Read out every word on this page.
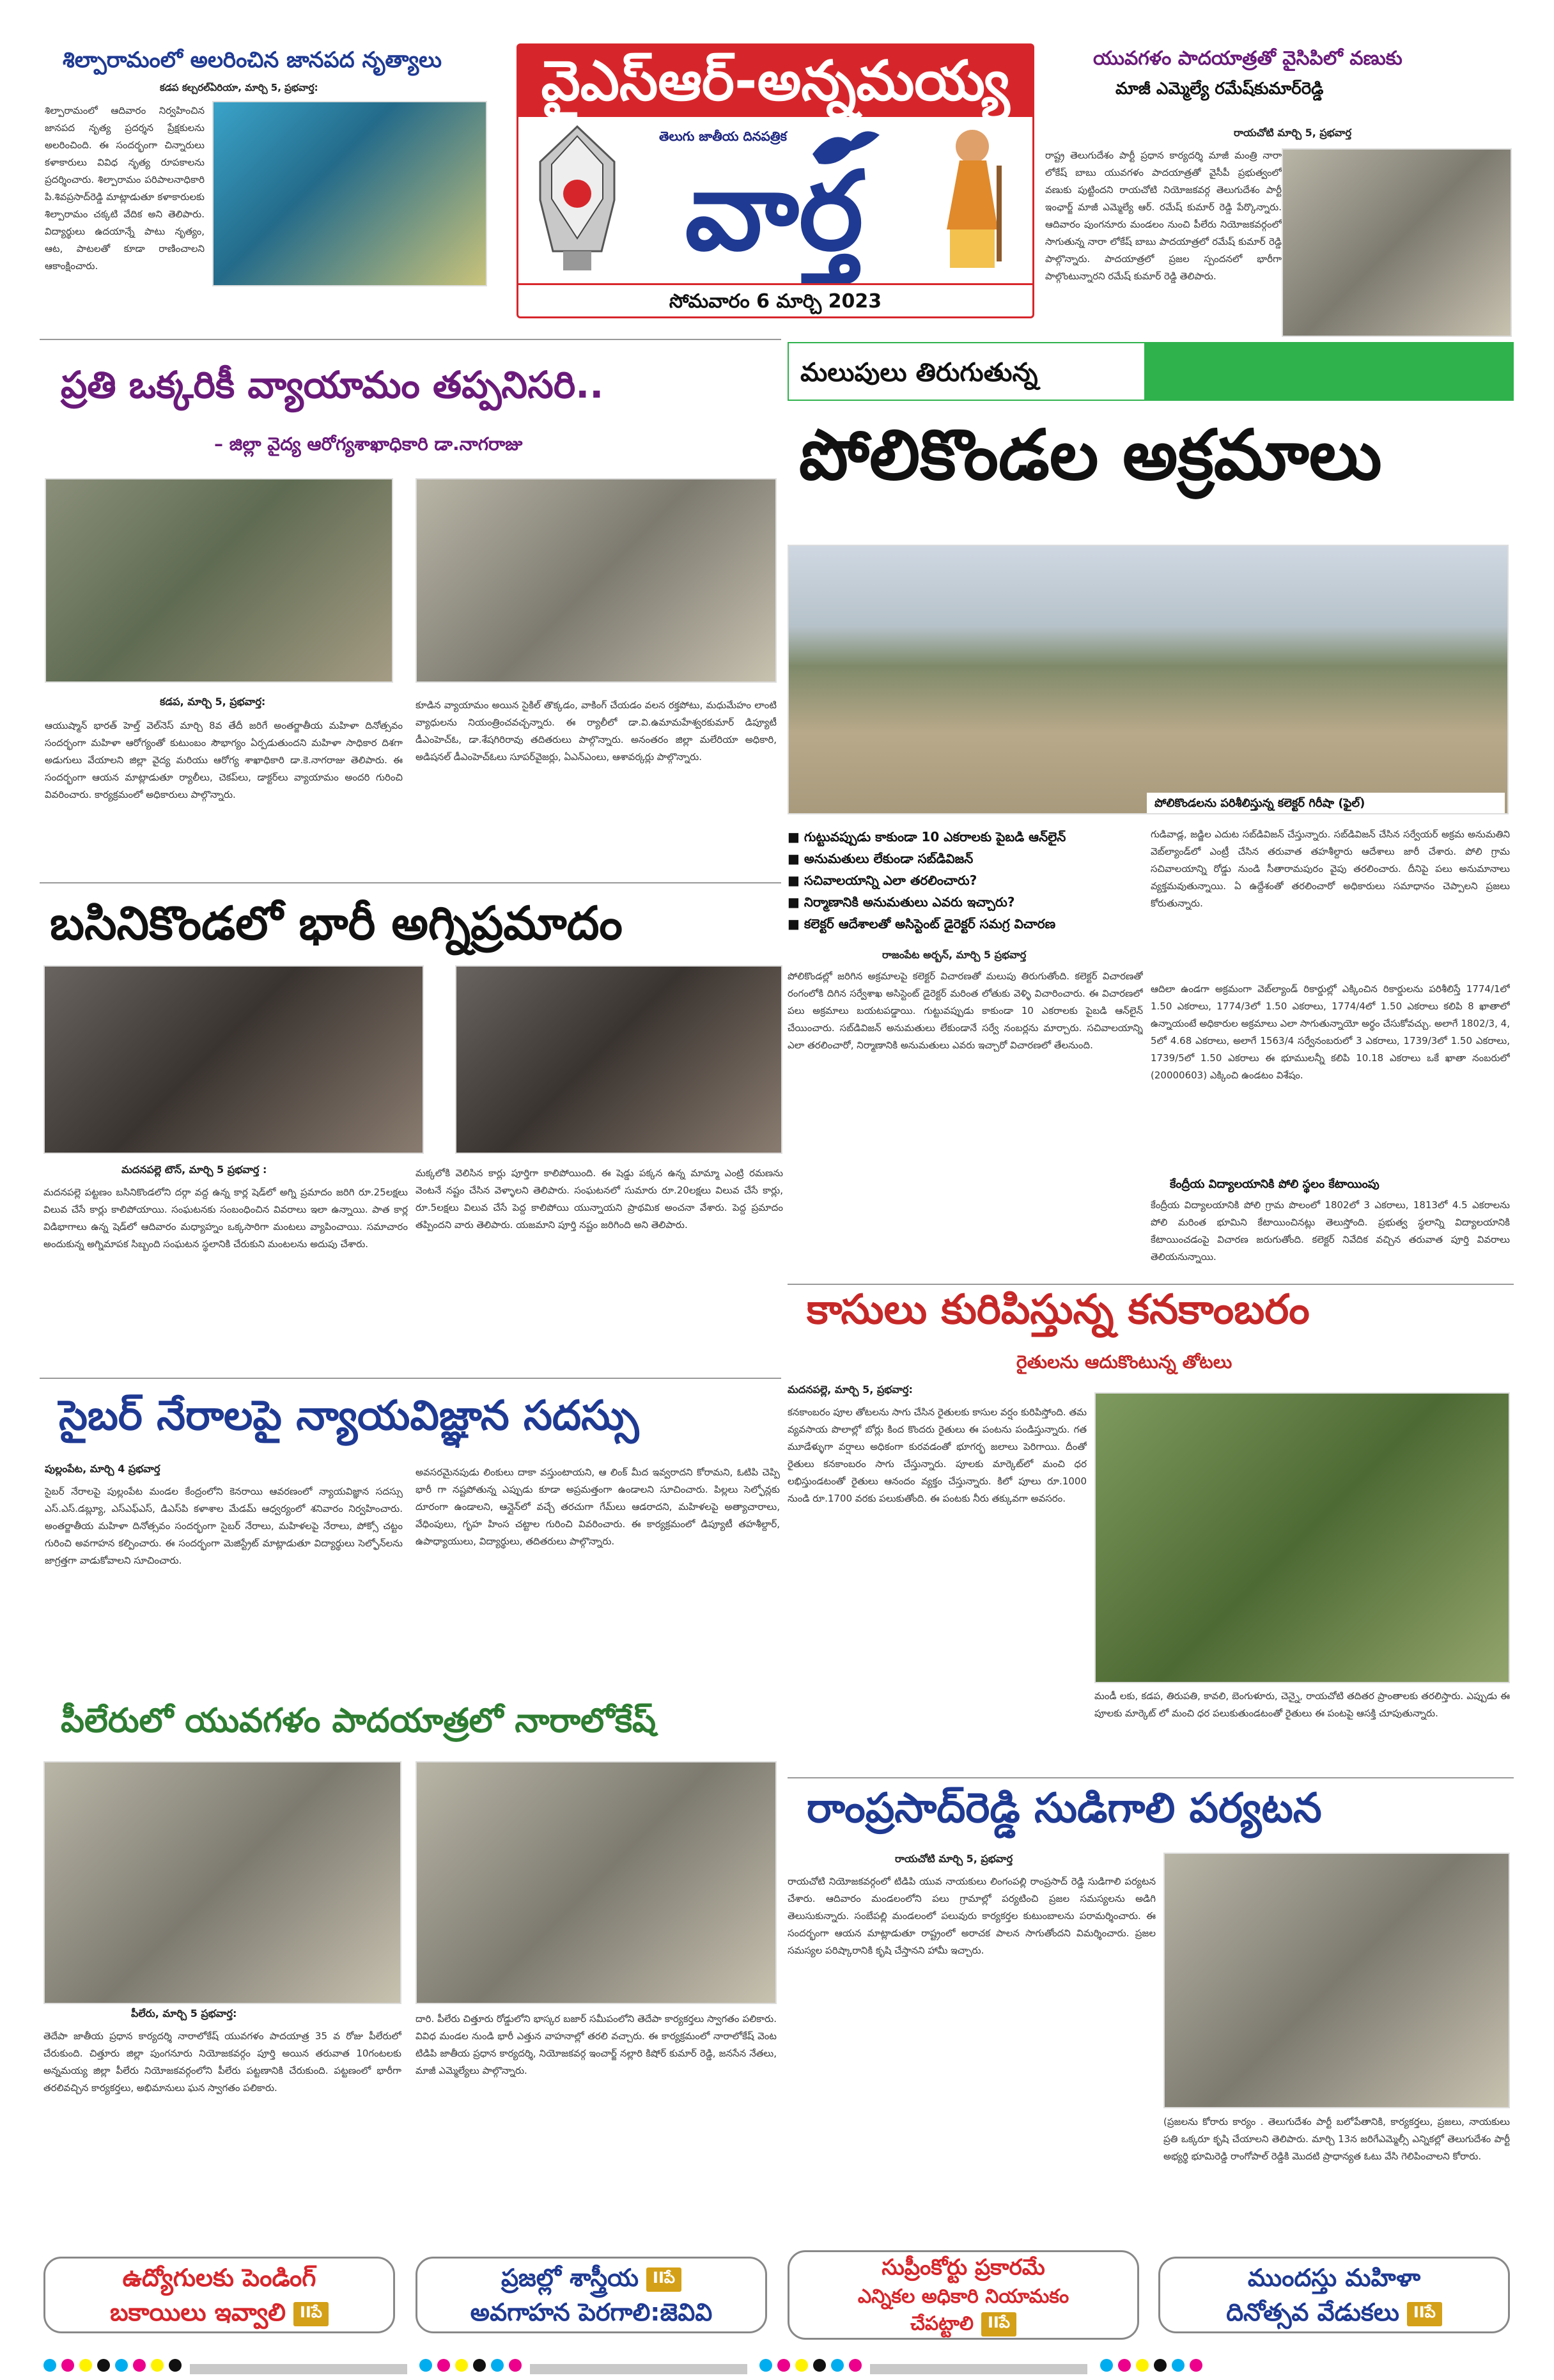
వైఎస్ఆర్-అన్నమయ్య
తెలుగు జాతీయ దినపత్రిక
వార్త
సోమవారం 6 మార్చి 2023
శిల్పారామంలో అలరించిన జానపద నృత్యాలు
కడప కల్చరల్‌ఏరియా, మార్చి 5, ప్రభవార్త:
శిల్పారామంలో ఆదివారం నిర్వహించిన జానపద నృత్య ప్రదర్శన ప్రేక్షకులను అలరించింది. ఈ సందర్భంగా చిన్నారులు కళాకారులు వివిధ నృత్య రూపకాలను ప్రదర్శించారు. శిల్పారామం పరిపాలనాధికారి పి.శివప్రసాద్‌రెడ్డి మాట్లాడుతూ కళాకారులకు శిల్పారామం చక్కటి వేదిక అని తెలిపారు. విద్యార్థులు ఉదయాన్నే పాటు నృత్యం, ఆట, పాటలతో కూడా రాణించాలని ఆకాంక్షించారు.
యువగళం పాదయాత్రతో వైసిపిలో వణుకు
మాజీ ఎమ్మెల్యే రమేష్‌కుమార్‌రెడ్డి
రాయచోటి మార్చి 5, ప్రభవార్త
రాష్ట్ర తెలుగుదేశం పార్టీ ప్రధాన కార్యదర్శి మాజీ మంత్రి నారా లోకేష్ బాబు యువగళం పాదయాత్రతో వైసీపీ ప్రభుత్వంలో వణుకు పుట్టిందని రాయచోటి నియోజకవర్గ తెలుగుదేశం పార్టీ ఇంఛార్జ్ మాజీ ఎమ్మెల్యే ఆర్. రమేష్ కుమార్ రెడ్డి పేర్కొన్నారు. ఆదివారం పుంగనూరు మండలం నుంచి పీలేరు నియోజకవర్గంలో సాగుతున్న నారా లోకేష్ బాబు పాదయాత్రలో రమేష్ కుమార్ రెడ్డి పాల్గొన్నారు. పాదయాత్రలో ప్రజల స్పందనలో భారీగా పాల్గొంటున్నారని రమేష్ కుమార్ రెడ్డి తెలిపారు.
ప్రతి ఒక్కరికీ వ్యాయామం తప్పనిసరి..
– జిల్లా వైద్య ఆరోగ్యశాఖాధికారి డా.నాగరాజు
కడప, మార్చి 5, ప్రభవార్త:
ఆయుష్మాన్ భారత్ హెల్త్ వెల్‌నెస్ మార్చి 8వ తేదీ జరిగే అంతర్జాతీయ మహిళా దినోత్సవం సందర్భంగా మహిళా ఆరోగ్యంతో కుటుంబం సౌభాగ్యం ఏర్పడుతుందని మహిళా సాధికార దిశగా అడుగులు వేయాలని జిల్లా వైద్య మరియు ఆరోగ్య శాఖాధికారి డా.కె.నాగరాజు తెలిపారు. ఈ సందర్భంగా ఆయన మాట్లాడుతూ ర్యాలీలు, చెకప్‌లు, డాక్టర్‌లు వ్యాయామం అందరి గురించి వివరించారు. కార్యక్రమంలో అధికారులు పాల్గొన్నారు.
కూడిన వ్యాయామం అయిన సైకిల్ తొక్కడం, వాకింగ్ చేయడం వలన రక్తపోటు, మధుమేహం లాంటి వ్యాధులను నియంత్రించవచ్చన్నారు. ఈ ర్యాలీలో డా.వి.ఉమామహేశ్వరకుమార్ డిప్యూటీ డీఎంహెచ్‌ఓ, డా.శేషగిరిరావు తదితరులు పాల్గొన్నారు. అనంతరం జిల్లా మలేరియా అధికారి, అడిషనల్ డీఎంహెచ్‌ఓలు సూపర్‌వైజర్లు, ఏఎన్ఎంలు, ఆశావర్కర్లు పాల్గొన్నారు.
బసినికొండలో భారీ అగ్నిప్రమాదం
మదనపల్లె టౌన్, మార్చి 5 ప్రభవార్త :
మదనపల్లె పట్టణం బసినికొండలోని దర్గా వద్ద ఉన్న కార్ల షెడ్‌లో అగ్ని ప్రమాదం జరిగి రూ.25లక్షలు విలువ చేసే కార్లు కాలిపోయాయి. సంఘటనకు సంబంధించిన వివరాలు ఇలా ఉన్నాయి. పాత కార్ల విడిభాగాలు ఉన్న షెడ్‌లో ఆదివారం మధ్యాహ్నం ఒక్కసారిగా మంటలు వ్యాపించాయి. సమాచారం అందుకున్న అగ్నిమాపక సిబ్బంది సంఘటన స్థలానికి చేరుకుని మంటలను అదుపు చేశారు.
మక్కలోకి వెలిసిన కార్లు పూర్తిగా కాలిపోయింది. ఈ షెడ్డు పక్కన ఉన్న మామ్మా ఎంట్రి రమణను వెంటనే నష్టం చేసిన వెళ్ళాలని తెలిపారు. సంఘటనలో సుమారు రూ.20లక్షలు విలువ చేసే కార్లు, రూ.5లక్షలు విలువ చేసే పెద్ద కాలిపోయి యున్నాయని ప్రాథమిక అంచనా వేశారు. పెద్ద ప్రమాదం తప్పిందని వారు తెలిపారు. యజమాని పూర్తి నష్టం జరిగింది అని తెలిపారు.
సైబర్ నేరాలపై న్యాయవిజ్ఞాన సదస్సు
పుల్లంపేట, మార్చి 4 ప్రభవార్త
సైబర్ నేరాలపై పుల్లంపేట మండల కేంద్రంలోని కెనరాయి ఆవరణంలో న్యాయవిజ్ఞాన సదస్సు ఎస్.ఎస్.డబ్ల్యూ, ఎస్‌ఎఫ్‌ఎస్‌, డిఎస్‌పి కళాశాల మేడమ్ ఆధ్వర్యంలో శనివారం నిర్వహించారు. అంతర్జాతీయ మహిళా దినోత్సవం సందర్భంగా సైబర్ నేరాలు, మహిళలపై నేరాలు, పోక్సో చట్టం గురించి అవగాహన కల్పించారు. ఈ సందర్భంగా మెజిస్ట్రేట్ మాట్లాడుతూ విద్యార్థులు సెల్ఫోన్‌లను జాగ్రత్తగా వాడుకోవాలని సూచించారు.
అవసరమైనపుడు లింకులు దాకా వస్తుంటాయని, ఆ లింక్ మీద ఇవ్వరాదని కోరామని, ఓటిపి చెప్పి భారీ గా నష్టపోతున్న ఎప్పుడు కూడా అప్రమత్తంగా ఉండాలని సూచించారు. పిల్లలు సెల్ఫోన్లకు దూరంగా ఉండాలని, ఆన్లైన్‌లో వచ్చే తరచుగా గేమ్‌లు ఆడరాదని, మహిళలపై అత్యాచారాలు, వేధింపులు, గృహ హింస చట్టాల గురించి వివరించారు. ఈ కార్యక్రమంలో డిప్యూటీ తహశీల్దార్, ఉపాధ్యాయులు, విద్యార్థులు, తదితరులు పాల్గొన్నారు.
పీలేరులో యువగళం పాదయాత్రలో నారాలోకేష్
పీలేరు, మార్చి 5 ప్రభవార్త:
తెదేపా జాతీయ ప్రధాన కార్యదర్శి నారాలోకేష్ యువగళం పాదయాత్ర 35 వ రోజు పీలేరులో చేరుకుంది. చిత్తూరు జిల్లా పుంగనూరు నియోజకవర్గం పూర్తి అయిన తరువాత 10గంటలకు అన్నమయ్య జిల్లా పీలేరు నియోజకవర్గంలోని పీలేరు పట్టణానికి చేరుకుంది. పట్టణంలో భారీగా తరలివచ్చిన కార్యకర్తలు, అభిమానులు ఘన స్వాగతం పలికారు.
దారి. పీలేరు చిత్తూరు రోడ్డులోని భాస్కర బజార్ సమీపంలోని తెదేపా కార్యకర్తలు స్వాగతం పలికారు. వివిధ మండల నుండి భారీ ఎత్తున వాహనాల్లో తరలి వచ్చారు. ఈ కార్యక్రమంలో నారాలోకేష్ వెంట టిడిపి జాతీయ ప్రధాన కార్యదర్శి, నియోజకవర్గ ఇంచార్జ్ నల్లారి కిషోర్ కుమార్ రెడ్డి, జనసేన నేతలు, మాజీ ఎమ్మెల్యేలు పాల్గొన్నారు.
మలుపులు తిరుగుతున్న
పోలికొండల అక్రమాలు
పోలికొండలను పరిశీలిస్తున్న కలెక్టర్ గిరీషా (ఫైల్)
■ గుట్టువప్పుడు కాకుండా 10 ఎకరాలకు పైబడి ఆన్‌లైన్
■ అనుమతులు లేకుండా సబ్‌డివిజన్
■ సచివాలయాన్ని ఎలా తరలించారు?
■ నిర్మాణానికి అనుమతులు ఎవరు ఇచ్చారు?
■ కలెక్టర్ ఆదేశాలతో అసిస్టెంట్ డైరెక్టర్ సమగ్ర విచారణ
రాజంపేట అర్బన్, మార్చి 5 ప్రభవార్త
పోలికొండల్లో జరిగిన అక్రమాలపై కలెక్టర్ విచారణతో మలుపు తిరుగుతోంది. కలెక్టర్ విచారణతో రంగంలోకి దిగిన సర్వేశాఖ అసిస్టెంట్ డైరెక్టర్ మరింత లోతుకు వెళ్ళి విచారించారు. ఈ విచారణలో పలు అక్రమాలు బయటపడ్డాయి. గుట్టువప్పుడు కాకుండా 10 ఎకరాలకు పైబడి ఆన్‌లైన్ చేయించారు. సబ్‌డివిజన్ అనుమతులు లేకుండానే సర్వే నంబర్లను మార్చారు. సచివాలయాన్ని ఎలా తరలించారో, నిర్మాణానికి అనుమతులు ఎవరు ఇచ్చారో విచారణలో తేలనుంది.
గుడివాడ్ల, జడ్జిల ఎదుట సబ్‌డివిజన్ చేస్తున్నారు. సబ్‌డివిజన్ చేసిన సర్వేయర్ అక్రమ అనుమతిని వెబ్‌ల్యాండ్‌లో ఎంట్రీ చేసిన తరువాత తహశీల్దారు ఆదేశాలు జారీ చేశారు. పోలి గ్రామ సచివాలయాన్ని రోడ్డు నుండి సీతారామపురం వైపు తరలించారు. దీనిపై పలు అనుమానాలు వ్యక్తమవుతున్నాయి. ఏ ఉద్దేశంతో తరలించారో అధికారులు సమాధానం చెప్పాలని ప్రజలు కోరుతున్నారు.
ఆదిలా ఉండగా అక్రమంగా వెబ్‌ల్యాండ్ రికార్డుల్లో ఎక్కించిన రికార్డులను పరిశీలిస్తే 1774/1లో 1.50 ఎకరాలు, 1774/3లో 1.50 ఎకరాలు, 1774/4లో 1.50 ఎకరాలు కలిపి 8 ఖాతాలో ఉన్నాయంటే అధికారుల అక్రమాలు ఎలా సాగుతున్నాయో అర్థం చేసుకోవచ్చు. అలాగే 1802/3, 4, 5లో 4.68 ఎకరాలు, అలాగే 1563/4 సర్వేనంబరులో 3 ఎకరాలు, 1739/3లో 1.50 ఎకరాలు, 1739/5లో 1.50 ఎకరాలు ఈ భూములన్నీ కలిపి 10.18 ఎకరాలు ఒకే ఖాతా నంబరులో (20000603) ఎక్కించి ఉండటం విశేషం.
కేంద్రీయ విద్యాలయానికి పోలి స్థలం కేటాయింపు
కేంద్రీయ విద్యాలయానికి పోలి గ్రామ పొలంలో 1802లో 3 ఎకరాలు, 1813లో 4.5 ఎకరాలను పోలి మరింత భూమిని కేటాయించినట్లు తెలుస్తోంది. ప్రభుత్వ స్థలాన్ని విద్యాలయానికి కేటాయించడంపై విచారణ జరుగుతోంది. కలెక్టర్ నివేదిక వచ్చిన తరువాత పూర్తి వివరాలు తెలియనున్నాయి.
కాసులు కురిపిస్తున్న కనకాంబరం
రైతులను ఆదుకొంటున్న తోటలు
మదనపల్లె, మార్చి 5, ప్రభవార్త:
కనకాంబరం పూల తోటలను సాగు చేసిన రైతులకు కాసుల వర్షం కురిపిస్తోంది. తమ వ్యవసాయ పొలాల్లో బోర్లు కింద కొందరు రైతులు ఈ పంటను పండిస్తున్నారు. గత మూడేళ్ళుగా వర్షాలు అధికంగా కురవడంతో భూగర్భ జలాలు పెరిగాయి. దీంతో రైతులు కనకాంబరం సాగు చేస్తున్నారు. పూలకు మార్కెట్‌లో మంచి ధర లభిస్తుండటంతో రైతులు ఆనందం వ్యక్తం చేస్తున్నారు. కిలో పూలు రూ.1000 నుండి రూ.1700 వరకు పలుకుతోంది. ఈ పంటకు నీరు తక్కువగా అవసరం.
మండీ లకు, కడప, తిరుపతి, కావలి, బెంగుళూరు, చెన్నై, రాయచోటి తదితర ప్రాంతాలకు తరలిస్తారు. ఎప్పుడు ఈ పూలకు మార్కెట్ లో మంచి ధర పలుకుతుండటంతో రైతులు ఈ పంటపై ఆసక్తి చూపుతున్నారు.
రాంప్రసాద్‌రెడ్డి సుడిగాలి పర్యటన
రాయచోటి మార్చి 5, ప్రభవార్త
రాయచోటి నియోజకవర్గంలో టిడిపి యువ నాయకులు లింగంపల్లి రాంప్రసాద్ రెడ్డి సుడిగాలి పర్యటన చేశారు. ఆదివారం మండలంలోని పలు గ్రామాల్లో పర్యటించి ప్రజల సమస్యలను అడిగి తెలుసుకున్నారు. సంబేపల్లి మండలంలో పలువురు కార్యకర్తల కుటుంబాలను పరామర్శించారు. ఈ సందర్భంగా ఆయన మాట్లాడుతూ రాష్ట్రంలో అరాచక పాలన సాగుతోందని విమర్శించారు. ప్రజల సమస్యల పరిష్కారానికి కృషి చేస్తానని హామీ ఇచ్చారు.
(ప్రజలను కోరారు కార్యం . తెలుగుదేశం పార్టీ బలోపేతానికి, కార్యకర్తలు, ప్రజలు, నాయకులు ప్రతి ఒక్కరూ కృషి చేయాలని తెలిపారు. మార్చి 13న జరిగేఎమ్మెల్సీ ఎన్నికల్లో తెలుగుదేశం పార్టీ అభ్యర్థి భూమిరెడ్డి రాంగోపాల్ రెడ్డికి మొదటి ప్రాధాన్యత ఓటు వేసి గెలిపించాలని కోరారు.
ఉద్యోగులకు పెండింగ్
బకాయిలు ఇవ్వాలి IIపే
ప్రజల్లో శాస్త్రీయ IIపే
అవగాహన పెరగాలి:జెవివి
సుప్రీంకోర్టు ప్రకారమే
ఎన్నికల అధికారి నియామకం
చేపట్టాలి IIపే
ముందస్తు మహిళా
దినోత్సవ వేడుకలు IIపే
